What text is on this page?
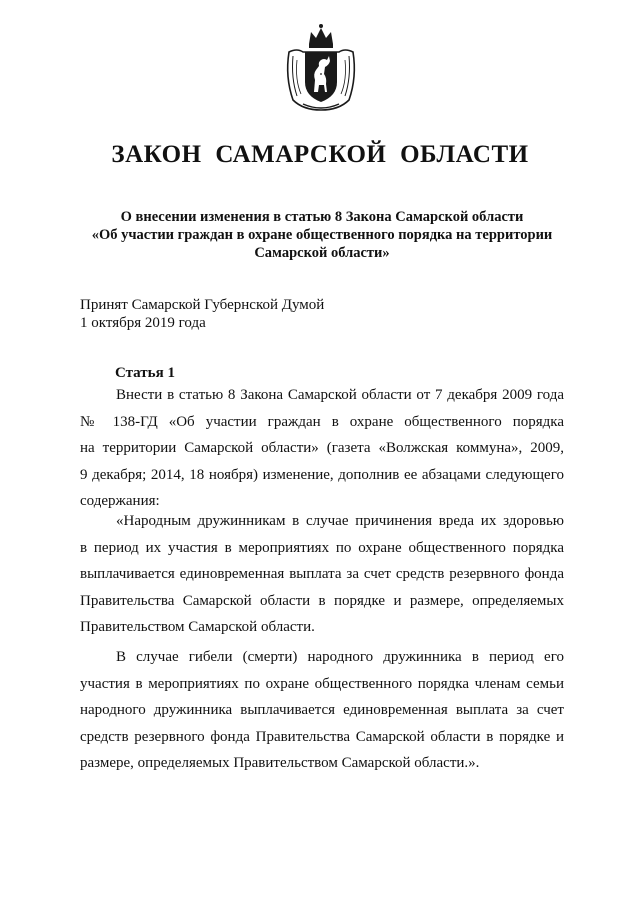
ЗАКОН САМАРСКОЙ ОБЛАСТИ
О внесении изменения в статью 8 Закона Самарской области
«Об участии граждан в охране общественного порядка на территории
Самарской области»
Принят Самарской Губернской Думой
1 октября 2019 года
Статья 1
Внести в статью 8 Закона Самарской области от 7 декабря 2009 года
№ 138-ГД «Об участии граждан в охране общественного порядка
на территории Самарской области» (газета «Волжская коммуна», 2009,
9 декабря; 2014, 18 ноября) изменение, дополнив ее абзацами следующего
содержания:
«Народным дружинникам в случае причинения вреда их здоровью
в период их участия в мероприятиях по охране общественного порядка
выплачивается единовременная выплата за счет средств резервного фонда
Правительства Самарской области в порядке и размере, определяемых
Правительством Самарской области.
В случае гибели (смерти) народного дружинника в период его
участия в мероприятиях по охране общественного порядка членам семьи
народного дружинника выплачивается единовременная выплата за счет
средств резервного фонда Правительства Самарской области в порядке и
размере, определяемых Правительством Самарской области.».
